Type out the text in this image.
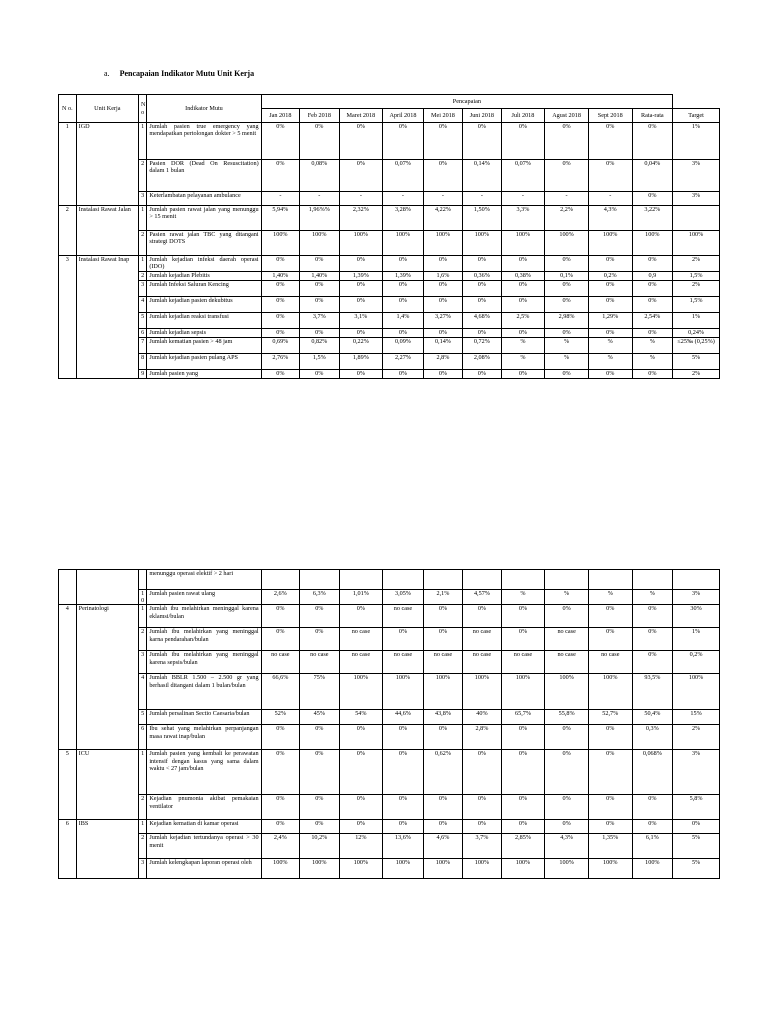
a. Pencapaian Indikator Mutu Unit Kerja
N o.	Unit Kerja	N o	Indikator Mutu	Pencapaian										
				Jan 2018	Feb 2018	Maret 2018	April 2018	Mei 2018	Juni 2018	Juli 2018	Agust 2018	Sept 2018	Rata-rata	Target
1	IGD	1	Jumlah pasien true emergency yang mendapatkan pertolongan dokter > 5 menit	0%	0%	0%	0%	0%	0%	0%	0%	0%	0%	1%
		2	Pasien DOR (Dead On Resuscitation) dalam 1 bulan	0%	0,08%	0%	0,07%	0%	0,14%	0,07%	0%	0%	0,04%	3%
		3	Keterlambatan pelayanan ambulance	-	-	-	-	-	-	-	-	-	0%	3%
2	Instalasi Rawat Jalan	1	Jumlah pasien rawat jalan yang menunggu > 15 menit	5,94%	1,96%%	2,32%	3,28%	4,22%	1,50%	3,3%	2,2%	4,3%	3,22%	
		2	Pasien rawat jalan TBC yang ditangani strategi DOTS	100%	100%	100%	100%	100%	100%	100%	100%	100%	100%	100%
3	Instalasi Rawat Inap	1	Jumlah kejadian infeksi daerah operasi (IDO)	0%	0%	0%	0%	0%	0%	0%	0%	0%	0%	2%
		2	Jumlah kejadian Plebitis	1,40%	1,40%	1,39%	1,39%	1,6%	0,36%	0,38%	0,1%	0,2%	0,9	1,5%
		3	Jumlah Infeksi Saluran Kencing	0%	0%	0%	0%	0%	0%	0%	0%	0%	0%	2%
		4	Jumlah kejadian pasien dekubitus	0%	0%	0%	0%	0%	0%	0%	0%	0%	0%	1,5%
		5	Jumlah kejadian reaksi transfusi	0%	3,7%	3,1%	1,4%	3,27%	4,68%	2,5%	2,98%	1,29%	2,54%	1%
		6	Jumlah kejadian sepsis	0%	0%	0%	0%	0%	0%	0%	0%	0%	0%	0,24%
		7	Jumlah kematian pasien > 48 jam	0,69%	0,82%	0,22%	0,09%	0,14%	0,72%	%	%	%	%	≤25‰ (0,25%)
		8	Jumlah kejadian pasien pulang APS	2,76%	1,5%	1,89%	2,27%	2,8%	2,08%	%	%	%	%	5%
		9	Jumlah pasien yang	0%	0%	0%	0%	0%	0%	0%	0%	0%	0%	2%
			menunggu operasi elektif > 2 hari											
		1 0	Jumlah pasien rawat ulang	2,6%	6,3%	1,01%	3,05%	2,1%	4,57%	%	%	%	%	3%
4	Perinatologi	1	Jumlah ibu melahirkan meninggal karena eklamsi/bulan	0%	0%	0%	no case	0%	0%	0%	0%	0%	0%	30%
		2	Jumlah ibu melahirkan yang meninggal karna pendarahan/bulan	0%	0%	no case	0%	0%	no case	0%	no case	0%	0%	1%
		3	Jumlah ibu melahirkan yang meninggal karena sepsis/bulan	no case	no case	no case	no case	no case	no case	no case	no case	no case	0%	0,2%
		4	Jumlah BBLR 1.500 – 2.500 gr yang berhasil ditangani dalam 1 bulan/bulan	66,6%	75%	100%	100%	100%	100%	100%	100%	100%	93,5%	100%
		5	Jumlah persalinan Sectio Caesaria/bulan	52%	45%	54%	44,6%	43,8%	40%	65,7%	55,8%	52,7%	50,4%	15%
		6	Ibu sehat yang melahirkan perpanjangan masa rawat inap/bulan	0%	0%	0%	0%	0%	2,8%	0%	0%	0%	0,3%	2%
5	ICU	1	Jumlah pasien yang kembali ke perawatan intensif dengan kasus yang sama dalam waktu < 27 jam/bulan	0%	0%	0%	0%	0,62%	0%	0%	0%	0%	0,068%	3%
		2	Kejadian pnumonia akibat pemakaian ventilator	0%	0%	0%	0%	0%	0%	0%	0%	0%	0%	5,8%
6	IBS	1	Kejadian kematian di kamar operasi	0%	0%	0%	0%	0%	0%	0%	0%	0%	0%	0%
		2	Jumlah kejadian tertundanya operasi > 30 menit	2,4%	10,2%	12%	13,6%	4,6%	3,7%	2,85%	4,3%	1,35%	6,1%	5%
		3	Jumlah kelengkapan laporan operasi oleh	100%	100%	100%	100%	100%	100%	100%	100%	100%	100%	5%
